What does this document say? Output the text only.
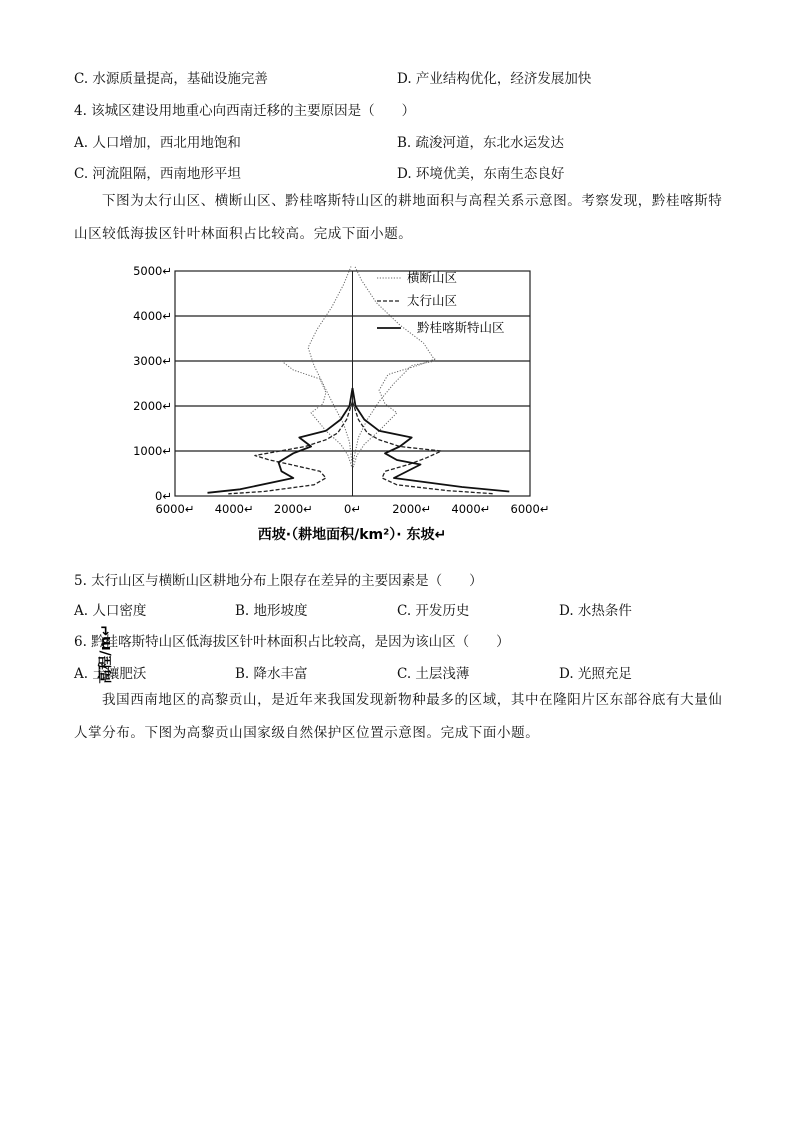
C. 水源质量提高，基础设施完善	D. 产业结构优化，经济发展加快
4. 该城区建设用地重心向西南迁移的主要原因是（　　）
A. 人口增加，西北用地饱和	B. 疏浚河道，东北水运发达
C. 河流阻隔，西南地形平坦	D. 环境优美，东南生态良好
下图为太行山区、横断山区、黔桂喀斯特山区的耕地面积与高程关系示意图。考察发现，黔桂喀斯特山区较低海拔区针叶林面积占比较高。完成下面小题。
5000↵
4000↵
3000↵
2000↵
1000↵
0↵
6000↵ 4000↵ 2000↵	0↵	2000↵ 4000↵ 6000↵
横断山区
太行山区
黔桂喀斯特山区
高程/m↵
西坡·（耕地面积/km²）· 东坡↵
5. 太行山区与横断山区耕地分布上限存在差异的主要因素是（　　）
A. 人口密度	B. 地形坡度	C. 开发历史	D. 水热条件
6. 黔桂喀斯特山区低海拔区针叶林面积占比较高，是因为该山区（　　）
A. 土壤肥沃	B. 降水丰富	C. 土层浅薄	D. 光照充足
我国西南地区的高黎贡山，是近年来我国发现新物种最多的区域，其中在隆阳片区东部谷底有大量仙人掌分布。下图为高黎贡山国家级自然保护区位置示意图。完成下面小题。
